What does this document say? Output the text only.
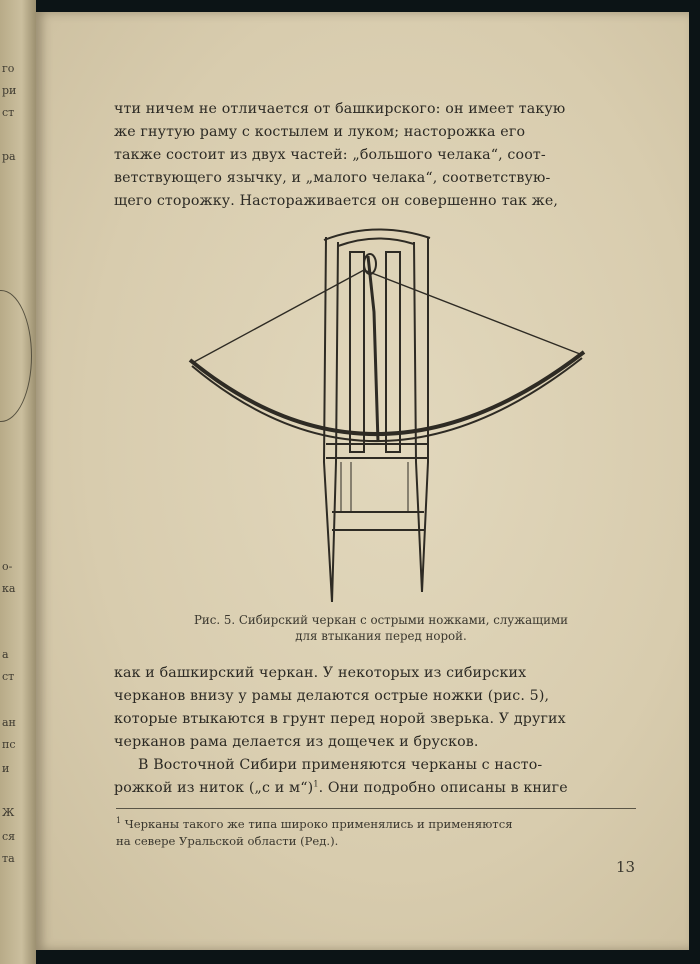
го
ри
ст
ра
о-
ка
а
ст
ан
пс
и
Ж
ся
та

чти ничем не отличается от башкирского: он имеет такую

же гнутую раму с костылем и луком; насторожка его

также состоит из двух частей: „большого челака“, соот-

ветствующего язычку, и „малого челака“, соответствую-

щего сторожку. Настораживается он совершенно так же,

Рис. 5. Сибирский черкан с острыми ножками, служащими
для втыкания перед норой.

как и башкирский черкан. У некоторых из сибирских

черканов внизу у рамы делаются острые ножки (рис. 5),

которые втыкаются в грунт перед норой зверька. У других

черканов рама делается из дощечек и брусков.

В Восточной Сибири применяются черканы с насто-

рожкой из ниток („с и м“)$^1$. Они подробно описаны в книге

$^1$ Черканы такого же типа широко применялись и применяются
на севере Уральской области (Ред.).
13
